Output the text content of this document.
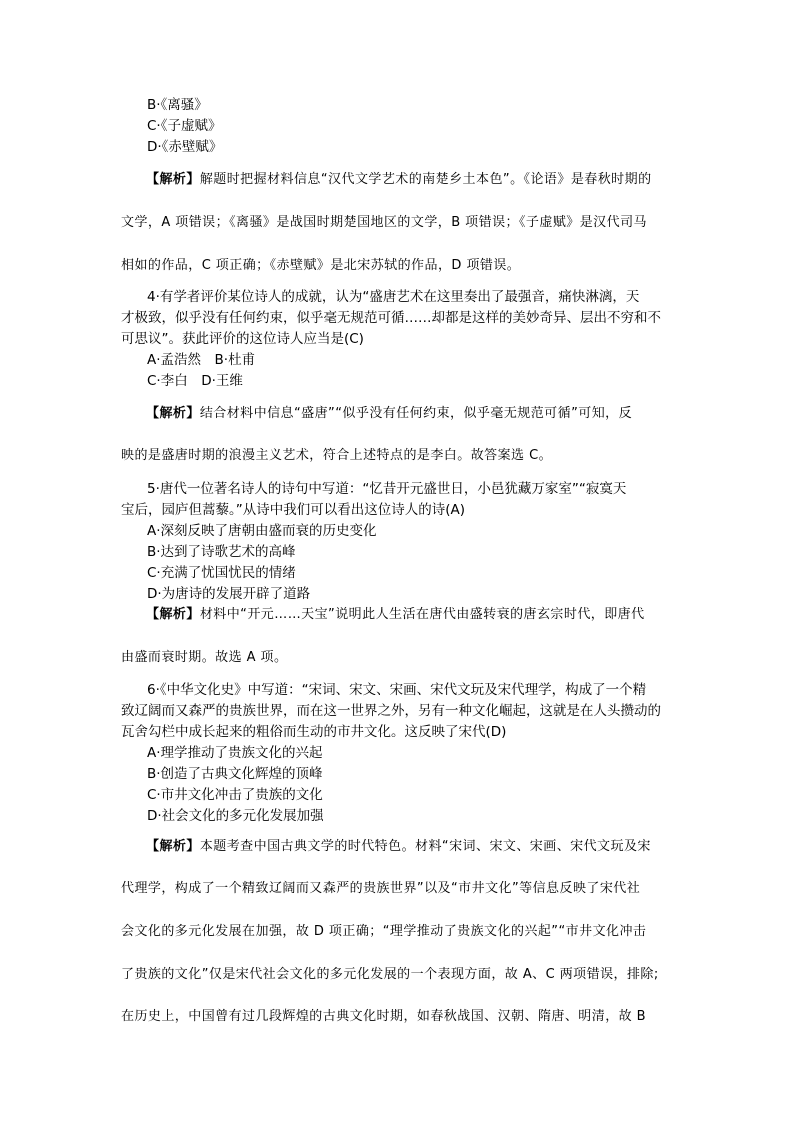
B·《离骚》
C·《子虚赋》
D·《赤壁赋》
【解析】解题时把握材料信息“汉代文学艺术的南楚乡土本色”。《论语》是春秋时期的
文学，A 项错误；《离骚》是战国时期楚国地区的文学，B 项错误；《子虚赋》是汉代司马
相如的作品，C 项正确；《赤壁赋》是北宋苏轼的作品，D 项错误。
4·有学者评价某位诗人的成就，认为“盛唐艺术在这里奏出了最强音，痛快淋漓，天
才极致，似乎没有任何约束，似乎毫无规范可循……却都是这样的美妙奇异、层出不穷和不
可思议”。获此评价的这位诗人应当是(C)
A·孟浩然　B·杜甫
C·李白　D·王维
【解析】结合材料中信息“盛唐”“似乎没有任何约束，似乎毫无规范可循”可知，反
映的是盛唐时期的浪漫主义艺术，符合上述特点的是李白。故答案选 C。
5·唐代一位著名诗人的诗句中写道：“忆昔开元盛世日，小邑犹藏万家室”“寂寞天
宝后，园庐但蒿藜。”从诗中我们可以看出这位诗人的诗(A)
A·深刻反映了唐朝由盛而衰的历史变化
B·达到了诗歌艺术的高峰
C·充满了忧国忧民的情绪
D·为唐诗的发展开辟了道路
【解析】材料中“开元……天宝”说明此人生活在唐代由盛转衰的唐玄宗时代，即唐代
由盛而衰时期。故选 A 项。
6·《中华文化史》中写道：“宋词、宋文、宋画、宋代文玩及宋代理学，构成了一个精
致辽阔而又森严的贵族世界，而在这一世界之外，另有一种文化崛起，这就是在人头攒动的
瓦舍勾栏中成长起来的粗俗而生动的市井文化。这反映了宋代(D)
A·理学推动了贵族文化的兴起
B·创造了古典文化辉煌的顶峰
C·市井文化冲击了贵族的文化
D·社会文化的多元化发展加强
【解析】本题考查中国古典文学的时代特色。材料“宋词、宋文、宋画、宋代文玩及宋
代理学，构成了一个精致辽阔而又森严的贵族世界”以及“市井文化”等信息反映了宋代社
会文化的多元化发展在加强，故 D 项正确；“理学推动了贵族文化的兴起”“市井文化冲击
了贵族的文化”仅是宋代社会文化的多元化发展的一个表现方面，故 A、C 两项错误，排除;
在历史上，中国曾有过几段辉煌的古典文化时期，如春秋战国、汉朝、隋唐、明清，故 B
